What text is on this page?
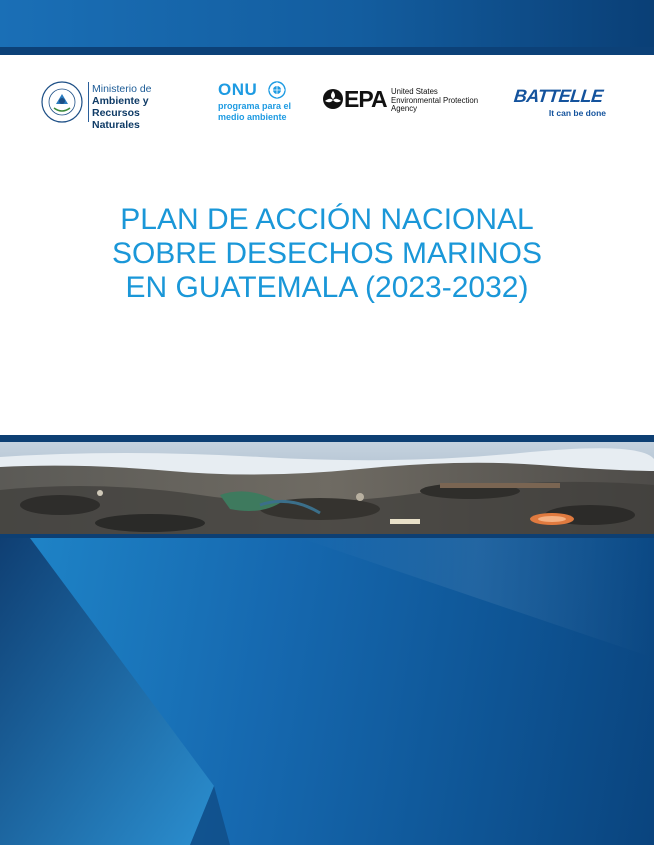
Ministerio de
Ambiente y
Recursos Naturales
ONU
programa para el
medio ambiente
EPA United States
Environmental Protection
Agency
BATTELLE
It can be done
PLAN DE ACCIÓN NACIONAL
SOBRE DESECHOS MARINOS
EN GUATEMALA (2023-2032)
